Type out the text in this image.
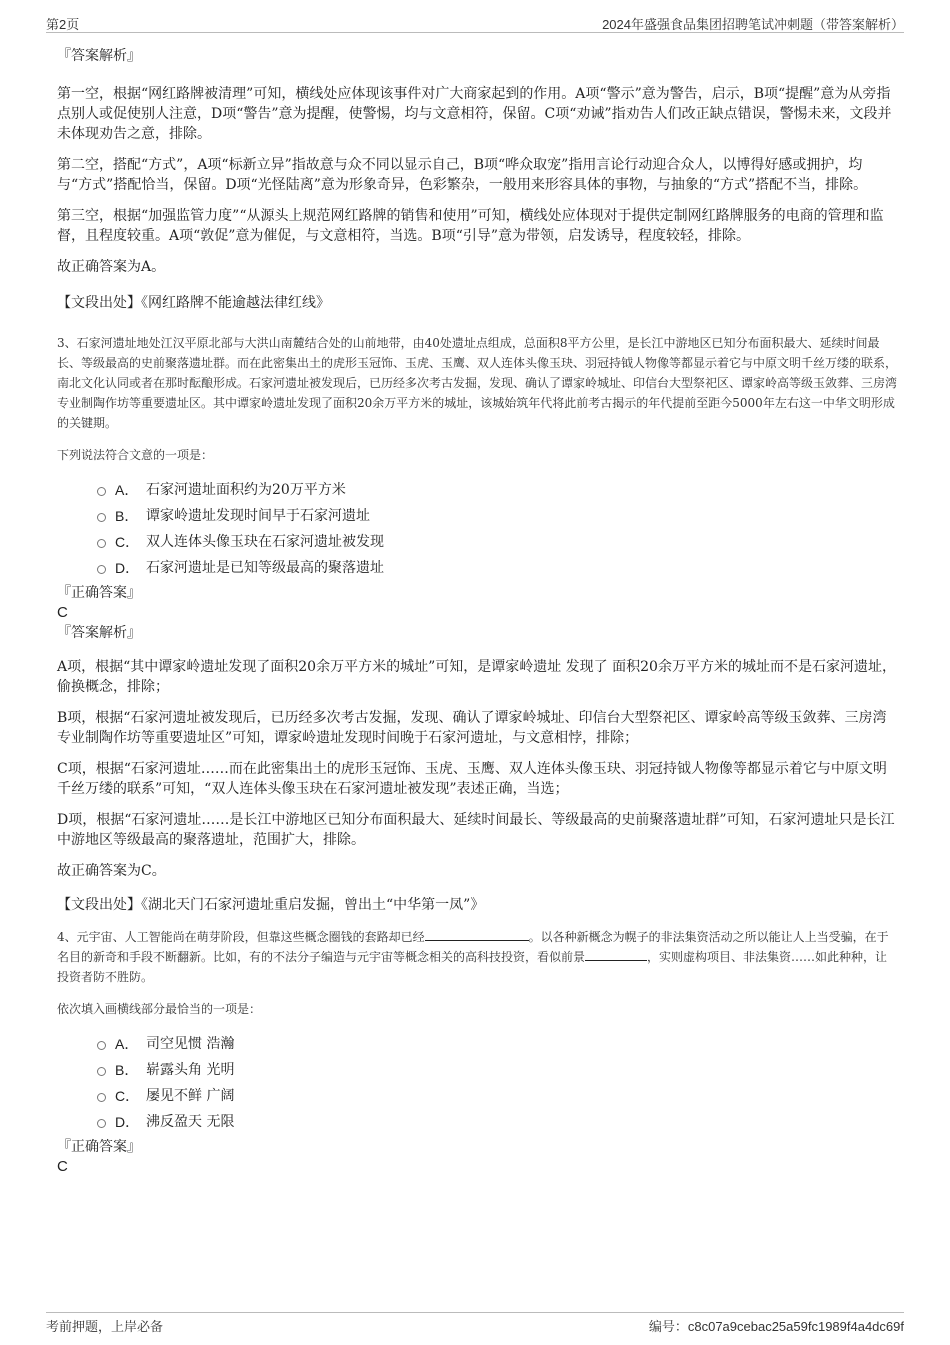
第2页	2024年盛强食品集团招聘笔试冲刺题（带答案解析）

『答案解析』

第一空，根据“网红路牌被清理”可知，横线处应体现该事件对广大商家起到的作用。A项“警示”意为警告，启示，B项“提醒”意为从旁指点别人或促使别人注意，D项“警告”意为提醒，使警惕，均与文意相符，保留。C项“劝诫”指劝告人们改正缺点错误，警惕未来，文段并未体现劝告之意，排除。

第二空，搭配“方式”，A项“标新立异”指故意与众不同以显示自己，B项“哗众取宠”指用言论行动迎合众人，以博得好感或拥护，均与“方式”搭配恰当，保留。D项“光怪陆离”意为形象奇异，色彩繁杂，一般用来形容具体的事物，与抽象的“方式”搭配不当，排除。

第三空，根据“加强监管力度”“从源头上规范网红路牌的销售和使用”可知，横线处应体现对于提供定制网红路牌服务的电商的管理和监督，且程度较重。A项“敦促”意为催促，与文意相符，当选。B项“引导”意为带领，启发诱导，程度较轻，排除。

故正确答案为A。

【文段出处】《网红路牌不能逾越法律红线》

3、石家河遗址地处江汉平原北部与大洪山南麓结合处的山前地带，由40处遗址点组成，总面积8平方公里，是长江中游地区已知分布面积最大、延续时间最长、等级最高的史前聚落遗址群。而在此密集出土的虎形玉冠饰、玉虎、玉鹰、双人连体头像玉玦、羽冠持钺人物像等都显示着它与中原文明千丝万缕的联系，南北文化认同或者在那时酝酿形成。石家河遗址被发现后，已历经多次考古发掘，发现、确认了谭家岭城址、印信台大型祭祀区、谭家岭高等级玉敛葬、三房湾专业制陶作坊等重要遗址区。其中谭家岭遗址发现了面积20余万平方米的城址，该城始筑年代将此前考古揭示的年代提前至距今5000年左右这一中华文明形成的关键期。

下列说法符合文意的一项是：

A． 石家河遗址面积约为20万平方米
B． 谭家岭遗址发现时间早于石家河遗址
C． 双人连体头像玉玦在石家河遗址被发现
D． 石家河遗址是已知等级最高的聚落遗址

『正确答案』

C

『答案解析』

A项，根据“其中谭家岭遗址发现了面积20余万平方米的城址”可知，是谭家岭遗址 发现了 面积20余万平方米的城址而不是石家河遗址，偷换概念，排除；

B项，根据“石家河遗址被发现后，已历经多次考古发掘，发现、确认了谭家岭城址、印信台大型祭祀区、谭家岭高等级玉敛葬、三房湾专业制陶作坊等重要遗址区”可知，谭家岭遗址发现时间晚于石家河遗址，与文意相悖，排除；

C项，根据“石家河遗址……而在此密集出土的虎形玉冠饰、玉虎、玉鹰、双人连体头像玉玦、羽冠持钺人物像等都显示着它与中原文明千丝万缕的联系”可知，“双人连体头像玉玦在石家河遗址被发现”表述正确，当选；

D项，根据“石家河遗址……是长江中游地区已知分布面积最大、延续时间最长、等级最高的史前聚落遗址群”可知，石家河遗址只是长江中游地区等级最高的聚落遗址，范围扩大，排除。

故正确答案为C。

【文段出处】《湖北天门石家河遗址重启发掘，曾出土“中华第一凤”》

4、元宇宙、人工智能尚在萌芽阶段，但靠这些概念圈钱的套路却已经	。以各种新概念为幌子的非法集资活动之所以能让人上当受骗，在于名目的新奇和手段不断翻新。比如，有的不法分子编造与元宇宙等概念相关的高科技投资，看似前景	，实则虚构项目、非法集资……如此种种，让投资者防不胜防。

依次填入画横线部分最恰当的一项是：

A． 司空见惯 浩瀚
B． 崭露头角 光明
C． 屡见不鲜 广阔
D． 沸反盈天 无限

『正确答案』

C

考前押题，上岸必备	编号：c8c07a9cebac25a59fc1989f4a4dc69f
